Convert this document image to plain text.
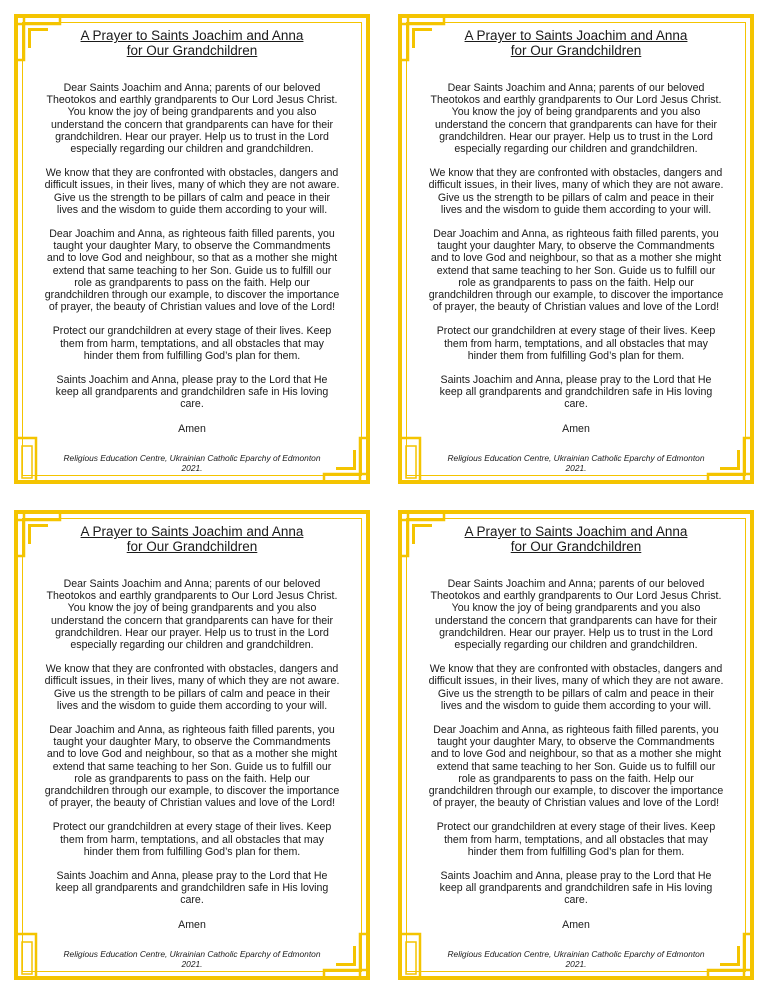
A Prayer to Saints Joachim and Anna
for Our Grandchildren

Dear Saints Joachim and Anna; parents of our beloved Theotokos and earthly grandparents to Our Lord Jesus Christ. You know the joy of being grandparents and you also understand the concern that grandparents can have for their grandchildren. Hear our prayer. Help us to trust in the Lord especially regarding our children and grandchildren.

We know that they are confronted with obstacles, dangers and difficult issues, in their lives, many of which they are not aware. Give us the strength to be pillars of calm and peace in their lives and the wisdom to guide them according to your will.

Dear Joachim and Anna, as righteous faith filled parents, you taught your daughter Mary, to observe the Commandments and to love God and neighbour, so that as a mother she might extend that same teaching to her Son. Guide us to fulfill our role as grandparents to pass on the faith. Help our grandchildren through our example, to discover the importance of prayer, the beauty of Christian values and love of the Lord!

Protect our grandchildren at every stage of their lives. Keep them from harm, temptations, and all obstacles that may hinder them from fulfilling God’s plan for them.

Saints Joachim and Anna, please pray to the Lord that He keep all grandparents and grandchildren safe in His loving care.

Amen

Religious Education Centre, Ukrainian Catholic Eparchy of Edmonton 2021.

A Prayer to Saints Joachim and Anna
for Our Grandchildren

Dear Saints Joachim and Anna; parents of our beloved Theotokos and earthly grandparents to Our Lord Jesus Christ. You know the joy of being grandparents and you also understand the concern that grandparents can have for their grandchildren. Hear our prayer. Help us to trust in the Lord especially regarding our children and grandchildren.

We know that they are confronted with obstacles, dangers and difficult issues, in their lives, many of which they are not aware. Give us the strength to be pillars of calm and peace in their lives and the wisdom to guide them according to your will.

Dear Joachim and Anna, as righteous faith filled parents, you taught your daughter Mary, to observe the Commandments and to love God and neighbour, so that as a mother she might extend that same teaching to her Son. Guide us to fulfill our role as grandparents to pass on the faith. Help our grandchildren through our example, to discover the importance of prayer, the beauty of Christian values and love of the Lord!

Protect our grandchildren at every stage of their lives. Keep them from harm, temptations, and all obstacles that may hinder them from fulfilling God’s plan for them.

Saints Joachim and Anna, please pray to the Lord that He keep all grandparents and grandchildren safe in His loving care.

Amen

Religious Education Centre, Ukrainian Catholic Eparchy of Edmonton 2021.

A Prayer to Saints Joachim and Anna
for Our Grandchildren

Dear Saints Joachim and Anna; parents of our beloved Theotokos and earthly grandparents to Our Lord Jesus Christ. You know the joy of being grandparents and you also understand the concern that grandparents can have for their grandchildren. Hear our prayer. Help us to trust in the Lord especially regarding our children and grandchildren.

We know that they are confronted with obstacles, dangers and difficult issues, in their lives, many of which they are not aware. Give us the strength to be pillars of calm and peace in their lives and the wisdom to guide them according to your will.

Dear Joachim and Anna, as righteous faith filled parents, you taught your daughter Mary, to observe the Commandments and to love God and neighbour, so that as a mother she might extend that same teaching to her Son. Guide us to fulfill our role as grandparents to pass on the faith. Help our grandchildren through our example, to discover the importance of prayer, the beauty of Christian values and love of the Lord!

Protect our grandchildren at every stage of their lives. Keep them from harm, temptations, and all obstacles that may hinder them from fulfilling God’s plan for them.

Saints Joachim and Anna, please pray to the Lord that He keep all grandparents and grandchildren safe in His loving care.

Amen

Religious Education Centre, Ukrainian Catholic Eparchy of Edmonton 2021.

A Prayer to Saints Joachim and Anna
for Our Grandchildren

Dear Saints Joachim and Anna; parents of our beloved Theotokos and earthly grandparents to Our Lord Jesus Christ. You know the joy of being grandparents and you also understand the concern that grandparents can have for their grandchildren. Hear our prayer. Help us to trust in the Lord especially regarding our children and grandchildren.

We know that they are confronted with obstacles, dangers and difficult issues, in their lives, many of which they are not aware. Give us the strength to be pillars of calm and peace in their lives and the wisdom to guide them according to your will.

Dear Joachim and Anna, as righteous faith filled parents, you taught your daughter Mary, to observe the Commandments and to love God and neighbour, so that as a mother she might extend that same teaching to her Son. Guide us to fulfill our role as grandparents to pass on the faith. Help our grandchildren through our example, to discover the importance of prayer, the beauty of Christian values and love of the Lord!

Protect our grandchildren at every stage of their lives. Keep them from harm, temptations, and all obstacles that may hinder them from fulfilling God’s plan for them.

Saints Joachim and Anna, please pray to the Lord that He keep all grandparents and grandchildren safe in His loving care.

Amen

Religious Education Centre, Ukrainian Catholic Eparchy of Edmonton 2021.
